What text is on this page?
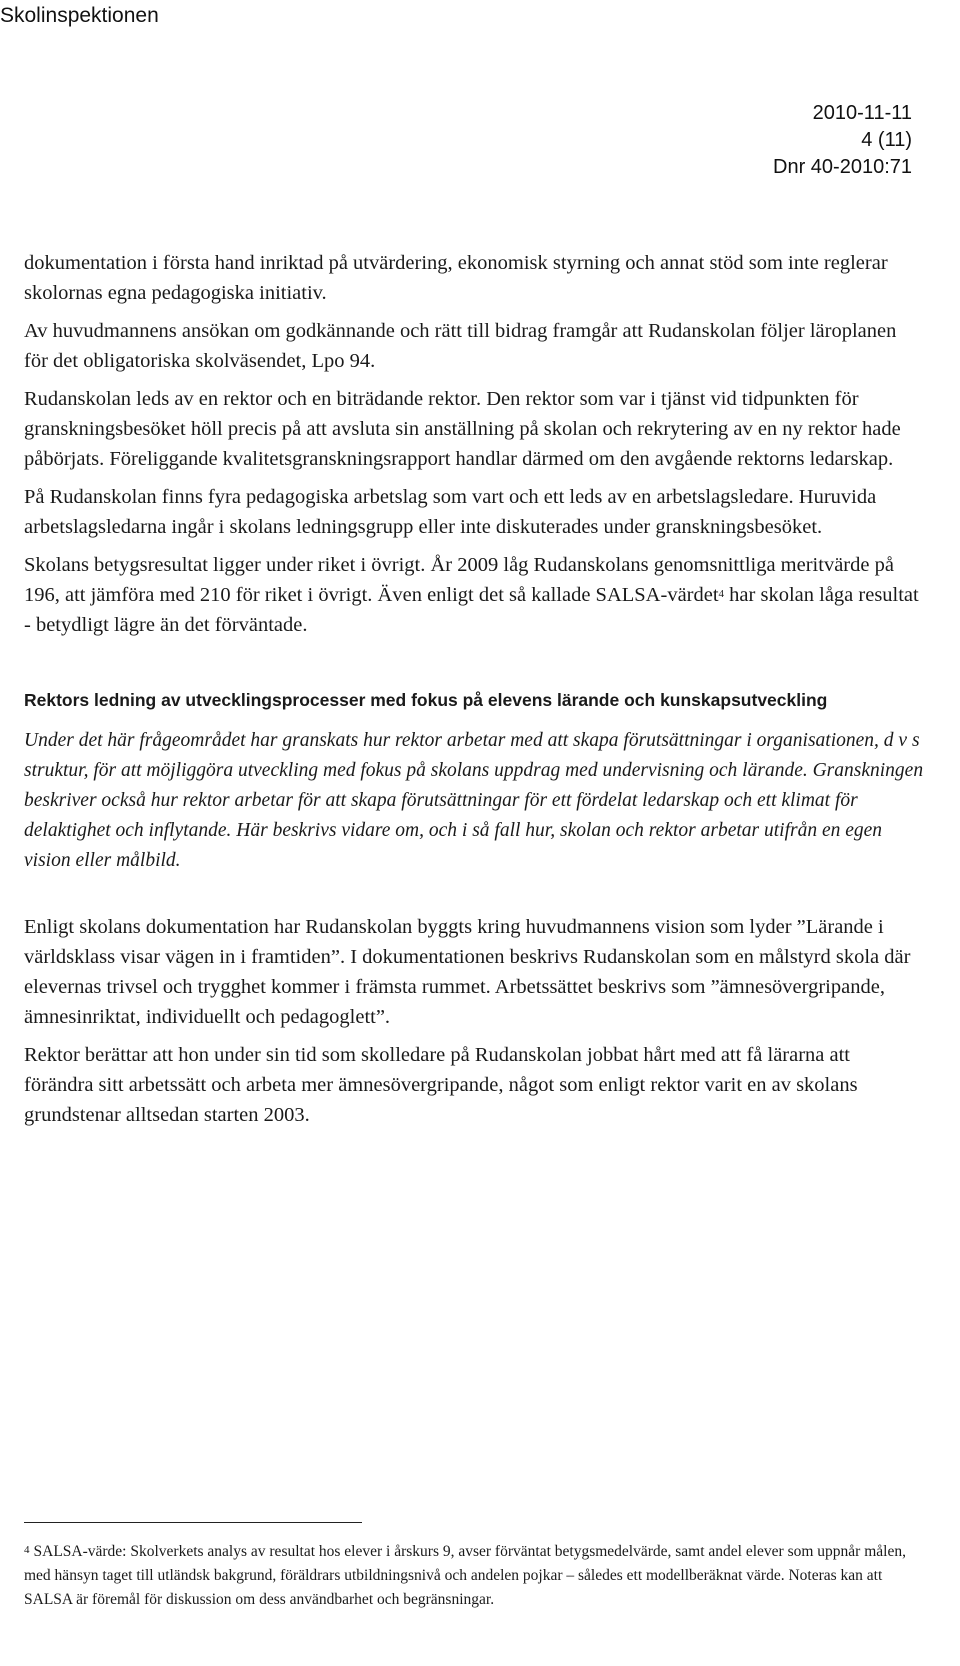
Skolinspektionen
2010-11-11
4 (11)
Dnr 40-2010:71

dokumentation i första hand inriktad på utvärdering, ekonomisk styrning och annat stöd som inte reglerar skolornas egna pedagogiska initiativ.

Av huvudmannens ansökan om godkännande och rätt till bidrag framgår att Rudanskolan följer läroplanen för det obligatoriska skolväsendet, Lpo 94.

Rudanskolan leds av en rektor och en biträdande rektor. Den rektor som var i tjänst vid tidpunkten för granskningsbesöket höll precis på att avsluta sin anställning på skolan och rekrytering av en ny rektor hade påbörjats. Föreliggande kvalitetsgranskningsrapport handlar därmed om den avgående rektorns ledarskap.

På Rudanskolan finns fyra pedagogiska arbetslag som vart och ett leds av en arbetslagsledare. Huruvida arbetslagsledarna ingår i skolans ledningsgrupp eller inte diskuterades under granskningsbesöket.

Skolans betygsresultat ligger under riket i övrigt. År 2009 låg Rudanskolans genomsnittliga meritvärde på 196, att jämföra med 210 för riket i övrigt. Även enligt det så kallade SALSA-värdet$^4$ har skolan låga resultat - betydligt lägre än det förväntade.

Rektors ledning av utvecklingsprocesser med fokus på elevens lärande och kunskapsutveckling

Under det här frågeområdet har granskats hur rektor arbetar med att skapa förutsättningar i organisationen, d v s struktur, för att möjliggöra utveckling med fokus på skolans uppdrag med undervisning och lärande. Granskningen beskriver också hur rektor arbetar för att skapa förutsättningar för ett fördelat ledarskap och ett klimat för delaktighet och inflytande. Här beskrivs vidare om, och i så fall hur, skolan och rektor arbetar utifrån en egen vision eller målbild.

Enligt skolans dokumentation har Rudanskolan byggts kring huvudmannens vision som lyder ”Lärande i världsklass visar vägen in i framtiden”. I dokumentationen beskrivs Rudanskolan som en målstyrd skola där elevernas trivsel och trygghet kommer i främsta rummet. Arbetssättet beskrivs som ”ämnesövergripande, ämnesinriktat, individuellt och pedagoglett”.

Rektor berättar att hon under sin tid som skolledare på Rudanskolan jobbat hårt med att få lärarna att förändra sitt arbetssätt och arbeta mer ämnesövergripande, något som enligt rektor varit en av skolans grundstenar alltsedan starten 2003.

4 SALSA-värde: Skolverkets analys av resultat hos elever i årskurs 9, avser förväntat betygsmedelvärde, samt andel elever som uppnår målen, med hänsyn taget till utländsk bakgrund, föräldrars utbildningsnivå och andelen pojkar – således ett modellberäknat värde. Noteras kan att SALSA är föremål för diskussion om dess användbarhet och begränsningar.
